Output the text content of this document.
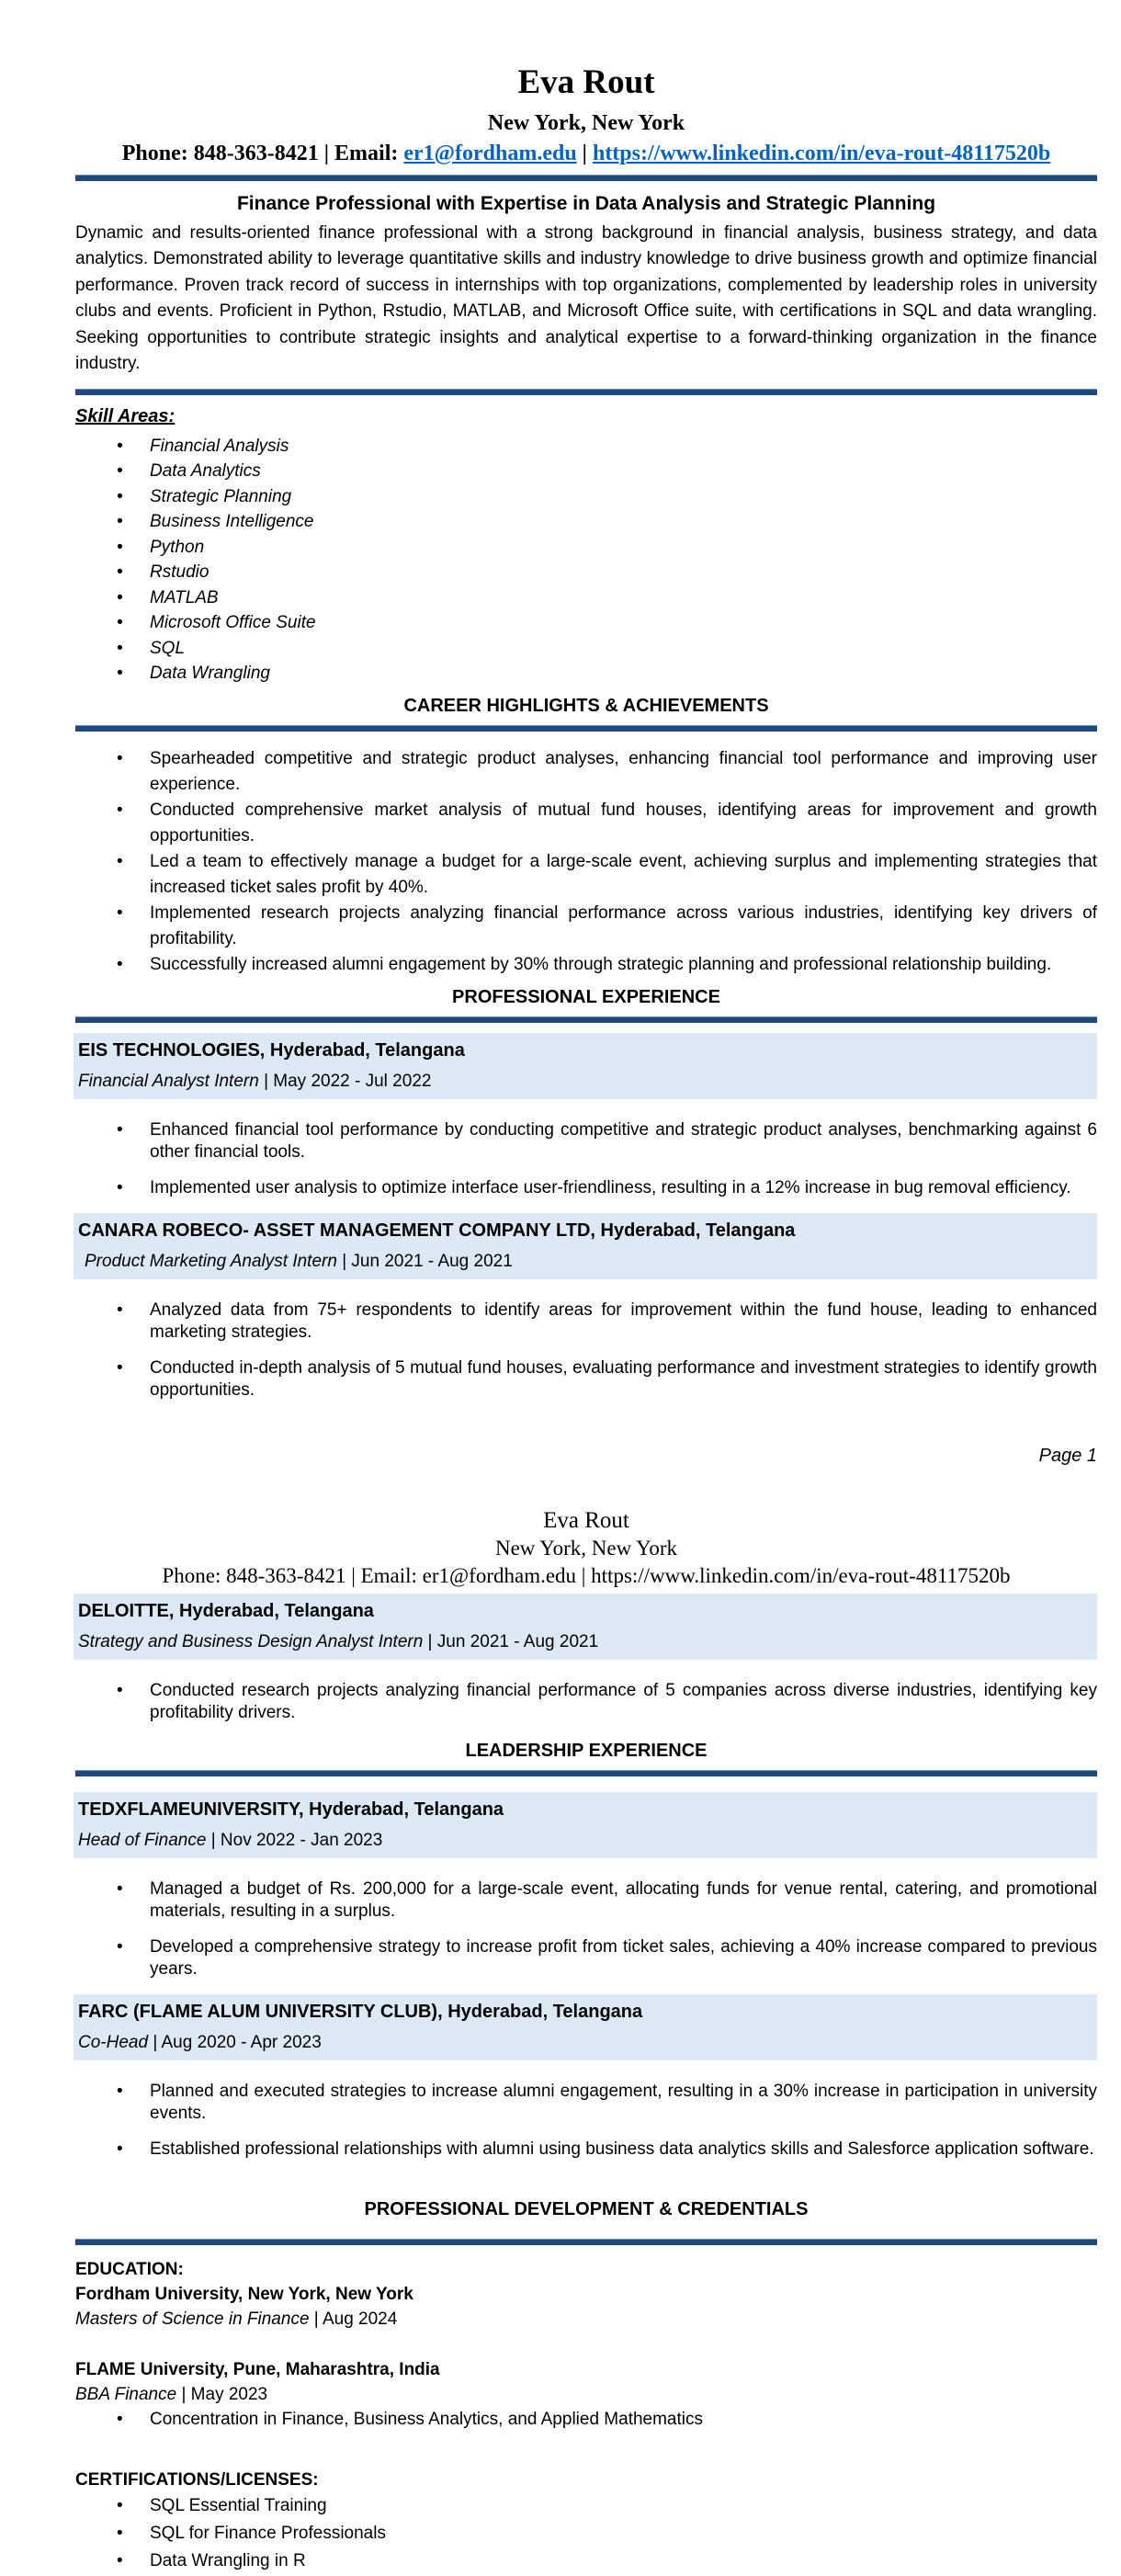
Eva Rout
New York, New York
Phone: 848-363-8421 | Email: er1@fordham.edu | https://www.linkedin.com/in/eva-rout-48117520b
Finance Professional with Expertise in Data Analysis and Strategic Planning

Dynamic and results-oriented finance professional with a strong background in financial analysis, business strategy, and data analytics. Demonstrated ability to leverage quantitative skills and industry knowledge to drive business growth and optimize financial performance. Proven track record of success in internships with top organizations, complemented by leadership roles in university clubs and events. Proficient in Python, Rstudio, MATLAB, and Microsoft Office suite, with certifications in SQL and data wrangling. Seeking opportunities to contribute strategic insights and analytical expertise to a forward-thinking organization in the finance industry.

Skill Areas:
• Financial Analysis
• Data Analytics
• Strategic Planning
• Business Intelligence
• Python
• Rstudio
• MATLAB
• Microsoft Office Suite
• SQL
• Data Wrangling
CAREER HIGHLIGHTS & ACHIEVEMENTS
• Spearheaded competitive and strategic product analyses, enhancing financial tool performance and improving user experience.
• Conducted comprehensive market analysis of mutual fund houses, identifying areas for improvement and growth opportunities.
• Led a team to effectively manage a budget for a large-scale event, achieving surplus and implementing strategies that increased ticket sales profit by 40%.
• Implemented research projects analyzing financial performance across various industries, identifying key drivers of profitability.
• Successfully increased alumni engagement by 30% through strategic planning and professional relationship building.
PROFESSIONAL EXPERIENCE
EIS TECHNOLOGIES, Hyderabad, Telangana
Financial Analyst Intern | May 2022 - Jul 2022
• Enhanced financial tool performance by conducting competitive and strategic product analyses, benchmarking against 6 other financial tools.
• Implemented user analysis to optimize interface user-friendliness, resulting in a 12% increase in bug removal efficiency.
CANARA ROBECO- ASSET MANAGEMENT COMPANY LTD, Hyderabad, Telangana
Product Marketing Analyst Intern | Jun 2021 - Aug 2021
• Analyzed data from 75+ respondents to identify areas for improvement within the fund house, leading to enhanced marketing strategies.
• Conducted in-depth analysis of 5 mutual fund houses, evaluating performance and investment strategies to identify growth opportunities.
Page 1
Eva Rout
New York, New York
Phone: 848-363-8421 | Email: er1@fordham.edu | https://www.linkedin.com/in/eva-rout-48117520b
DELOITTE, Hyderabad, Telangana
Strategy and Business Design Analyst Intern | Jun 2021 - Aug 2021
• Conducted research projects analyzing financial performance of 5 companies across diverse industries, identifying key profitability drivers.
LEADERSHIP EXPERIENCE
TEDXFLAMEUNIVERSITY, Hyderabad, Telangana
Head of Finance | Nov 2022 - Jan 2023
• Managed a budget of Rs. 200,000 for a large-scale event, allocating funds for venue rental, catering, and promotional materials, resulting in a surplus.
• Developed a comprehensive strategy to increase profit from ticket sales, achieving a 40% increase compared to previous years.
FARC (FLAME ALUM UNIVERSITY CLUB), Hyderabad, Telangana
Co-Head | Aug 2020 - Apr 2023
• Planned and executed strategies to increase alumni engagement, resulting in a 30% increase in participation in university events.
• Established professional relationships with alumni using business data analytics skills and Salesforce application software.
PROFESSIONAL DEVELOPMENT & CREDENTIALS
EDUCATION:
Fordham University, New York, New York
Masters of Science in Finance | Aug 2024
FLAME University, Pune, Maharashtra, India
BBA Finance | May 2023
• Concentration in Finance, Business Analytics, and Applied Mathematics
CERTIFICATIONS/LICENSES:
• SQL Essential Training
• SQL for Finance Professionals
• Data Wrangling in R
